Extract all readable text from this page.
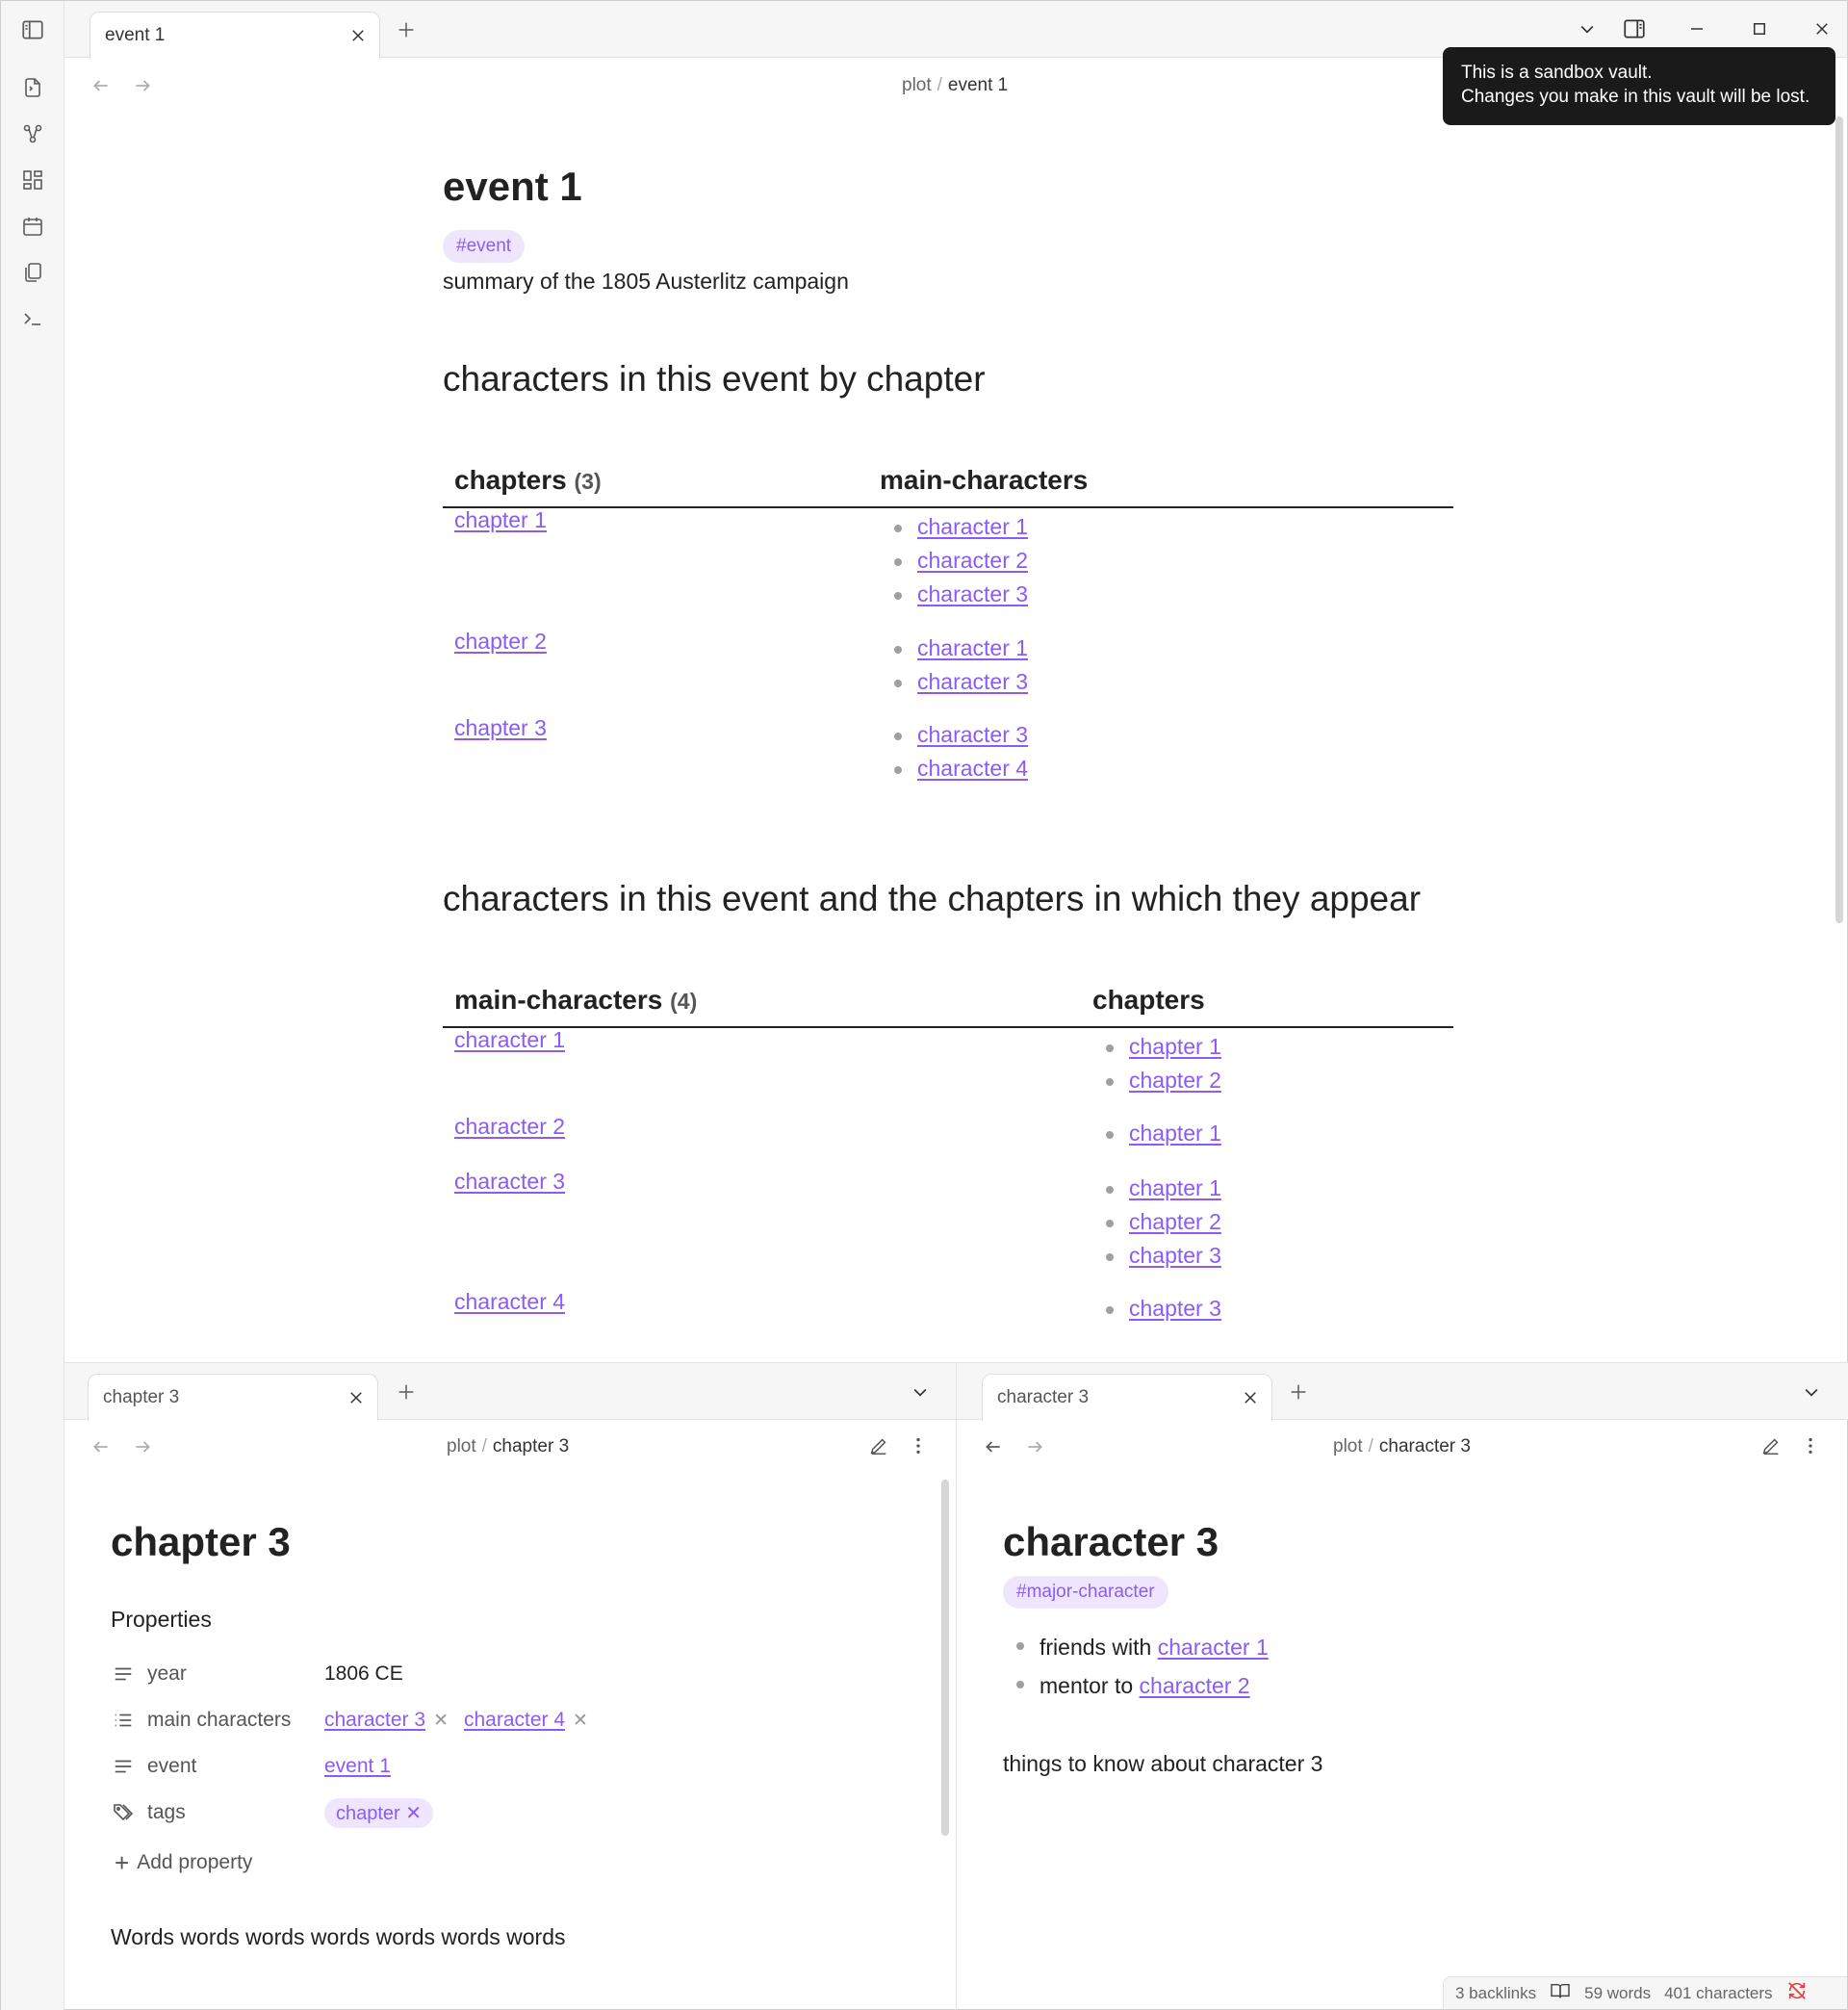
event 1
plot / event 1
This is a sandbox vault.
Changes you make in this vault will be lost.
event 1
#event

summary of the 1805 Austerlitz campaign

characters in this event by chapter
chapters (3)	main-characters
chapter 1	character 1
character 2
character 3
chapter 2	character 1
character 3
chapter 3	character 3
character 4
characters in this event and the chapters in which they appear
main-characters (4)	chapters
character 1	chapter 1
chapter 2
character 2	chapter 1
character 3	chapter 1
chapter 2
chapter 3
character 4	chapter 3
chapter 3
plot / chapter 3
chapter 3
Properties
year	1806 CE
main characters character 3 ✕ character 4 ✕
event	event 1
tags	chapter ✕
+ Add property

Words words words words words words words

character 3
plot / character 3
character 3
#major-character
friends with character 1
mentor to character 2

things to know about character 3

3 backlinks	59 words 401 characters
